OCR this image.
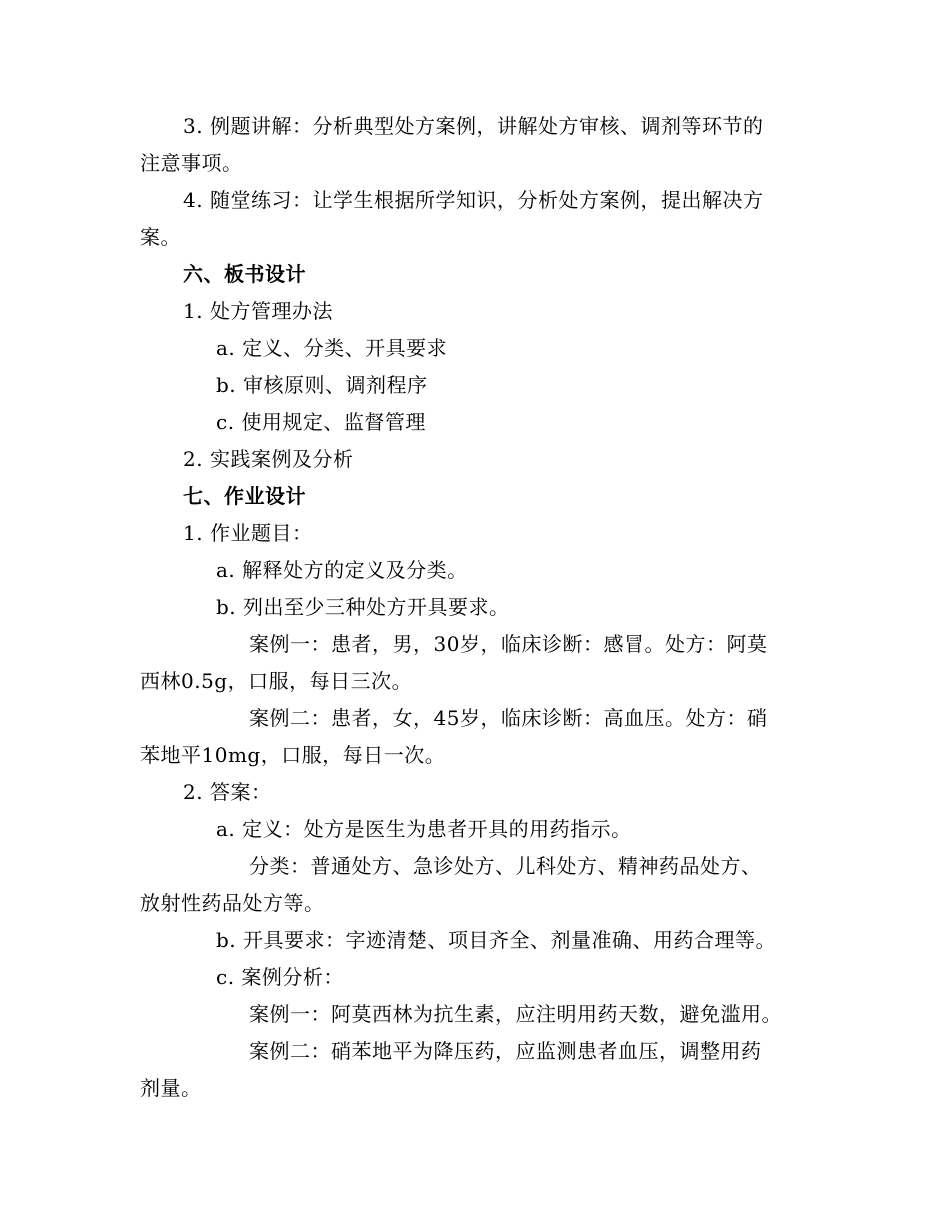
3. 例题讲解：分析典型处方案例，讲解处方审核、调剂等环节的
注意事项。
4. 随堂练习：让学生根据所学知识，分析处方案例，提出解决方
案。
六、板书设计
1. 处方管理办法
a. 定义、分类、开具要求
b. 审核原则、调剂程序
c. 使用规定、监督管理
2. 实践案例及分析
七、作业设计
1. 作业题目：
a. 解释处方的定义及分类。
b. 列出至少三种处方开具要求。
案例一：患者，男，30岁，临床诊断：感冒。处方：阿莫
西林0.5g，口服，每日三次。
案例二：患者，女，45岁，临床诊断：高血压。处方：硝
苯地平10mg，口服，每日一次。
2. 答案：
a. 定义：处方是医生为患者开具的用药指示。
分类：普通处方、急诊处方、儿科处方、精神药品处方、
放射性药品处方等。
b. 开具要求：字迹清楚、项目齐全、剂量准确、用药合理等。
c. 案例分析：
案例一：阿莫西林为抗生素，应注明用药天数，避免滥用。
案例二：硝苯地平为降压药，应监测患者血压，调整用药
剂量。
